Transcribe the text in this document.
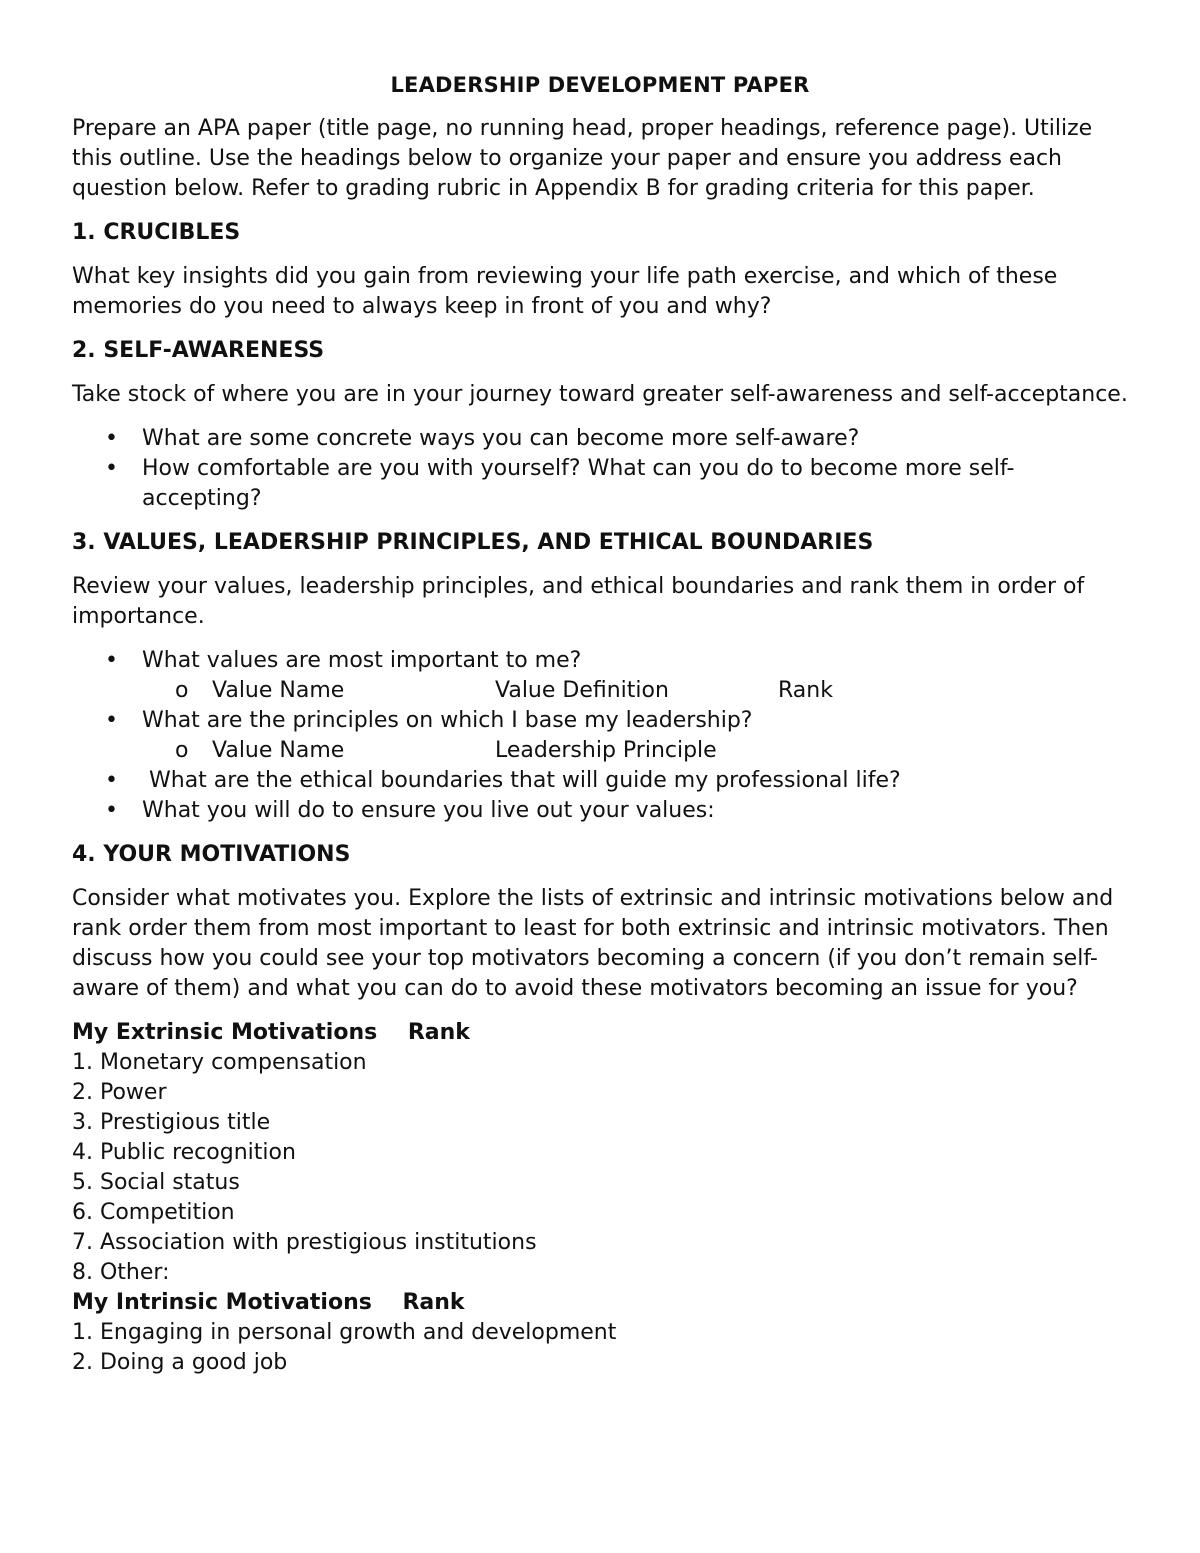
LEADERSHIP DEVELOPMENT PAPER
Prepare an APA paper (title page, no running head, proper headings, reference page). Utilize this outline. Use the headings below to organize your paper and ensure you address each question below. Refer to grading rubric in Appendix B for grading criteria for this paper.
1. CRUCIBLES
What key insights did you gain from reviewing your life path exercise, and which of these memories do you need to always keep in front of you and why?
2. SELF-AWARENESS
Take stock of where you are in your journey toward greater self-awareness and self-acceptance.
• What are some concrete ways you can become more self-aware?
• How comfortable are you with yourself? What can you do to become more self-accepting?
3. VALUES, LEADERSHIP PRINCIPLES, AND ETHICAL BOUNDARIES
Review your values, leadership principles, and ethical boundaries and rank them in order of importance.
• What values are most important to me?
o Value Name	Value Definition	Rank
• What are the principles on which I base my leadership?
o Value Name	Leadership Principle
• What are the ethical boundaries that will guide my professional life?
• What you will do to ensure you live out your values:
4. YOUR MOTIVATIONS
Consider what motivates you. Explore the lists of extrinsic and intrinsic motivations below and rank order them from most important to least for both extrinsic and intrinsic motivators. Then discuss how you could see your top motivators becoming a concern (if you don’t remain self-aware of them) and what you can do to avoid these motivators becoming an issue for you?
My Extrinsic Motivations    Rank
1. Monetary compensation
2. Power
3. Prestigious title
4. Public recognition
5. Social status
6. Competition
7. Association with prestigious institutions
8. Other:
My Intrinsic Motivations    Rank
1. Engaging in personal growth and development
2. Doing a good job
